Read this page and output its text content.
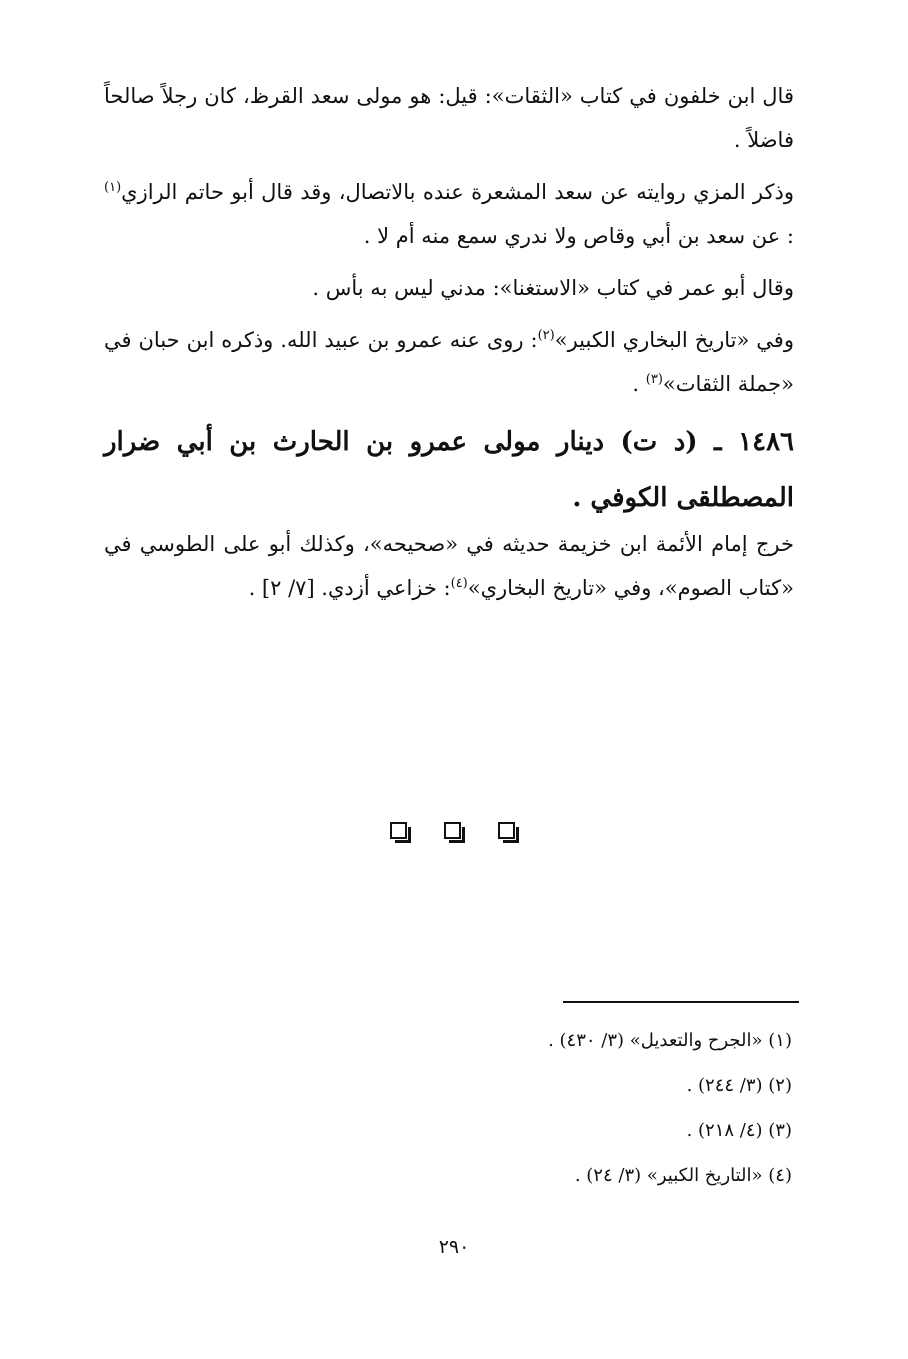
قال ابن خلفون في كتاب «الثقات»: قيل: هو مولى سعد القرظ، كان رجلاً صالحاً فاضلاً .

وذكر المزي روايته عن سعد المشعرة عنده بالاتصال، وقد قال أبو حاتم الرازي$^{(١)}$ : عن سعد بن أبي وقاص ولا ندري سمع منه أم لا .

وقال أبو عمر في كتاب «الاستغنا»: مدني ليس به بأس .

وفي «تاريخ البخاري الكبير»$^{(٢)}$: روى عنه عمرو بن عبيد الله. وذكره ابن حبان في «جملة الثقات»$^{(٣)}$ .

١٤٨٦ ـ (د ت) دينار مولى عمرو بن الحارث بن أبي ضرار المصطلقى الكوفي .

خرج إمام الأئمة ابن خزيمة حديثه في «صحيحه»، وكذلك أبو على الطوسي في «كتاب الصوم»، وفي «تاريخ البخاري»$^{(٤)}$: خزاعي أزدي. [٧/ ٢] .

(١) «الجرح والتعديل» (٣/ ٤٣٠) .

(٢) (٣/ ٢٤٤) .

(٣) (٤/ ٢١٨) .

(٤) «التاريخ الكبير» (٣/ ٢٤) .

٢٩٠
